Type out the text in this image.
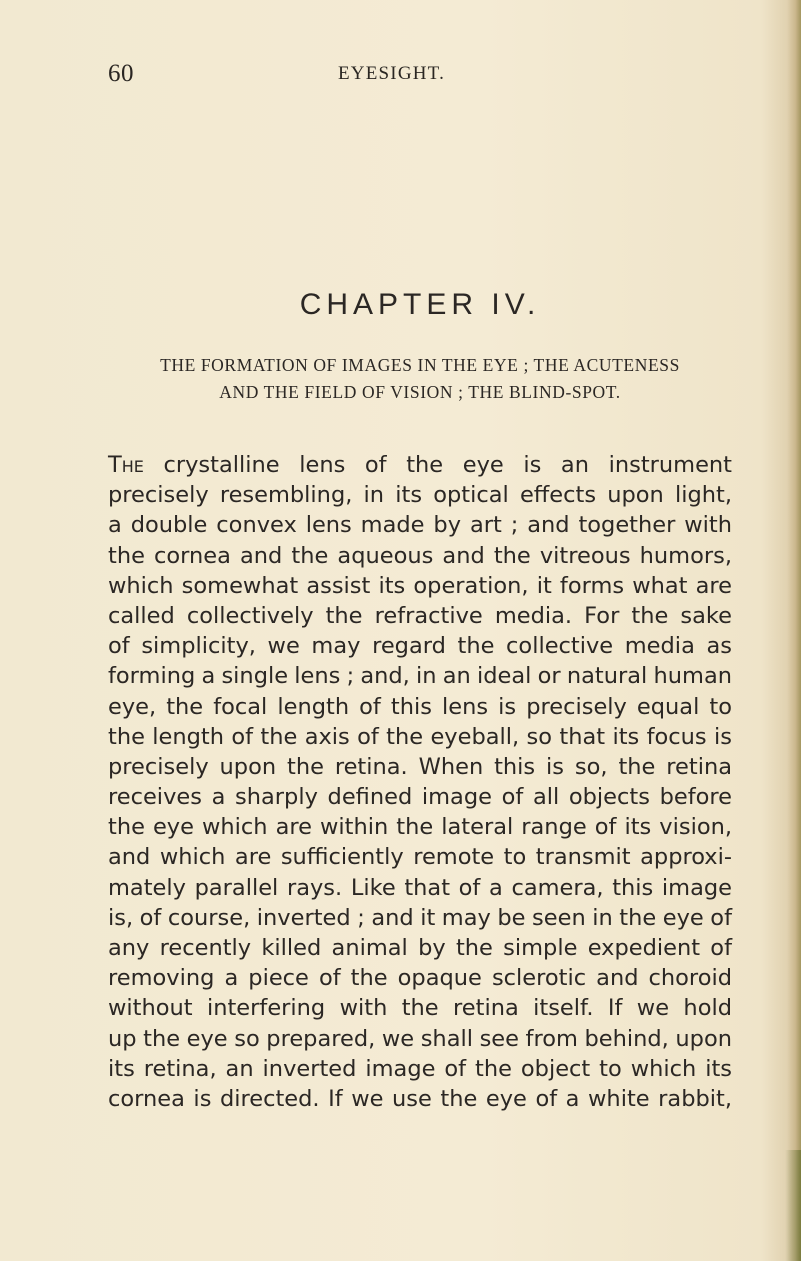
60	EYESIGHT.
CHAPTER IV.
THE FORMATION OF IMAGES IN THE EYE ; THE ACUTENESS
AND THE FIELD OF VISION ; THE BLIND-SPOT.
The crystalline lens of the eye is an instrument
precisely resembling, in its optical effects upon light,
a double convex lens made by art ; and together with
the cornea and the aqueous and the vitreous humors,
which somewhat assist its operation, it forms what are
called collectively the refractive media. For the sake
of simplicity, we may regard the collective media as
forming a single lens ; and, in an ideal or natural human
eye, the focal length of this lens is precisely equal to
the length of the axis of the eyeball, so that its focus is
precisely upon the retina. When this is so, the retina
receives a sharply defined image of all objects before
the eye which are within the lateral range of its vision,
and which are sufficiently remote to transmit approxi-
mately parallel rays. Like that of a camera, this image
is, of course, inverted ; and it may be seen in the eye of
any recently killed animal by the simple expedient of
removing a piece of the opaque sclerotic and choroid
without interfering with the retina itself. If we hold
up the eye so prepared, we shall see from behind, upon
its retina, an inverted image of the object to which its
cornea is directed. If we use the eye of a white rabbit,
